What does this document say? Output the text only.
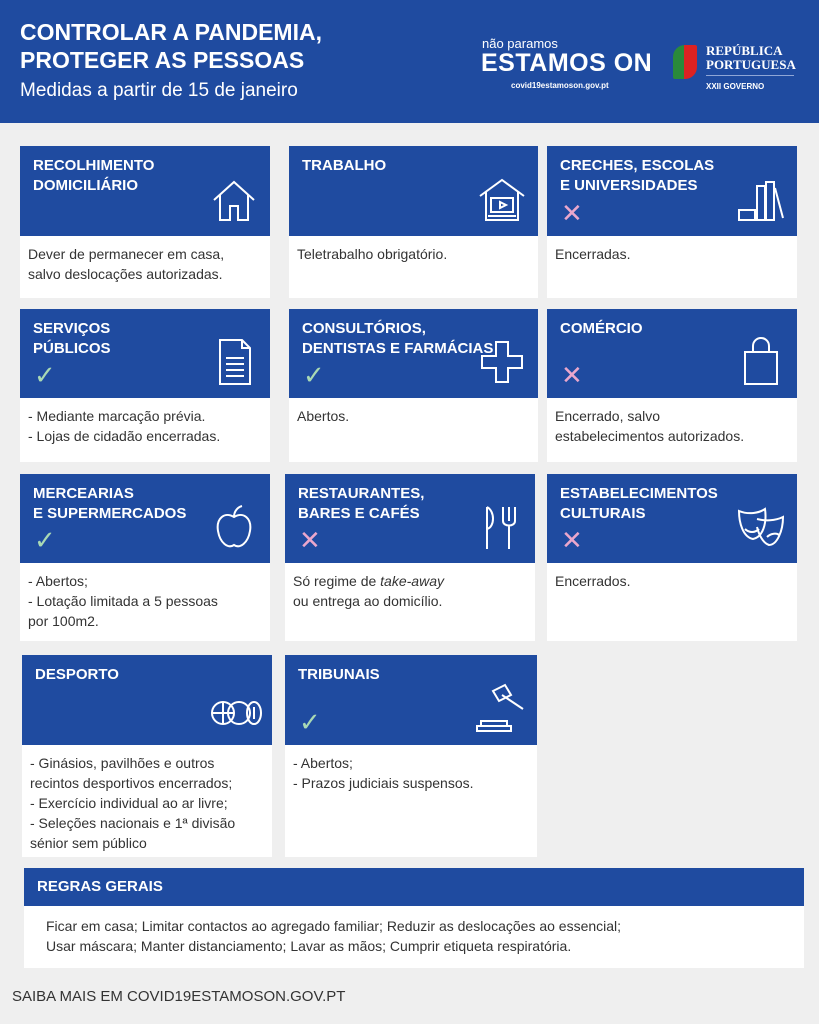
CONTROLAR A PANDEMIA,
PROTEGER AS PESSOAS
Medidas a partir de 15 de janeiro
não paramos
ESTAMOS ON
covid19estamoson.gov.pt
REPÚBLICA
PORTUGUESA
XXII GOVERNO
RECOLHIMENTO
DOMICILIÁRIO
Dever de permanecer em casa,
salvo deslocações autorizadas.
TRABALHO
Teletrabalho obrigatório.
CRECHES, ESCOLAS
E UNIVERSIDADES
✕
Encerradas.
SERVIÇOS
PÚBLICOS
✓
- Mediante marcação prévia.
- Lojas de cidadão encerradas.
CONSULTÓRIOS,
DENTISTAS E FARMÁCIAS
✓
Abertos.
COMÉRCIO
✕
Encerrado, salvo
estabelecimentos autorizados.
MERCEARIAS
E SUPERMERCADOS
✓
- Abertos;
- Lotação limitada a 5 pessoas
por 100m2.
RESTAURANTES,
BARES E CAFÉS
✕
Só regime de take-away
ou entrega ao domicílio.
ESTABELECIMENTOS
CULTURAIS
✕
Encerrados.
DESPORTO
- Ginásios, pavilhões e outros
recintos desportivos encerrados;
- Exercício individual ao ar livre;
- Seleções nacionais e 1ª divisão
sénior sem público
TRIBUNAIS
✓
- Abertos;
- Prazos judiciais suspensos.
REGRAS GERAIS
Ficar em casa; Limitar contactos ao agregado familiar; Reduzir as deslocações ao essencial;
Usar máscara; Manter distanciamento; Lavar as mãos; Cumprir etiqueta respiratória.
SAIBA MAIS EM COVID19ESTAMOSON.GOV.PT
